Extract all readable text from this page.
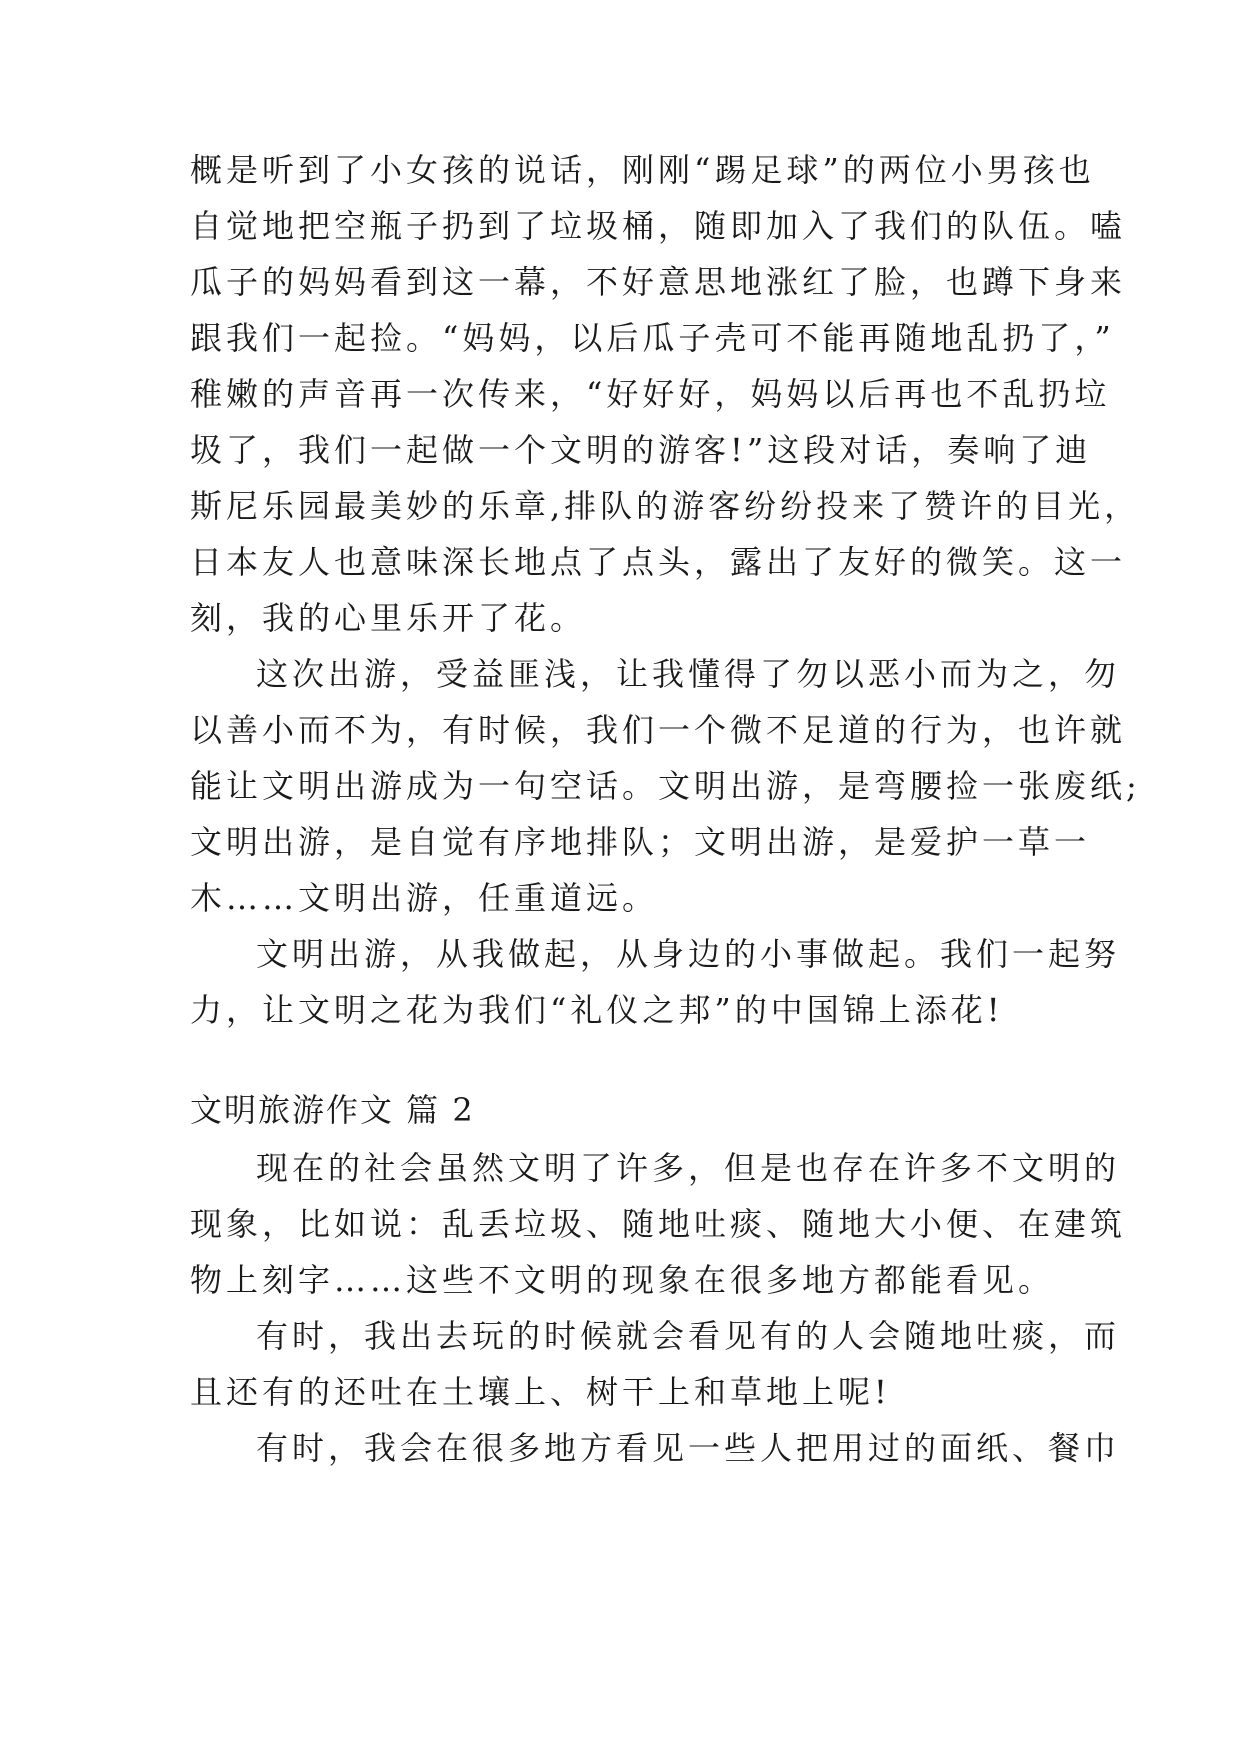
概是听到了小女孩的说话，刚刚“踢足球”的两位小男孩也
自觉地把空瓶子扔到了垃圾桶，随即加入了我们的队伍。嗑
瓜子的妈妈看到这一幕，不好意思地涨红了脸，也蹲下身来
跟我们一起捡。“妈妈，以后瓜子壳可不能再随地乱扔了，”
稚嫩的声音再一次传来，“好好好，妈妈以后再也不乱扔垃
圾了，我们一起做一个文明的游客!”这段对话，奏响了迪
斯尼乐园最美妙的乐章,排队的游客纷纷投来了赞许的目光，
日本友人也意味深长地点了点头，露出了友好的微笑。这一
刻，我的心里乐开了花。
这次出游，受益匪浅，让我懂得了勿以恶小而为之，勿
以善小而不为，有时候，我们一个微不足道的行为，也许就
能让文明出游成为一句空话。文明出游，是弯腰捡一张废纸;
文明出游，是自觉有序地排队；文明出游，是爱护一草一
木……文明出游，任重道远。
文明出游，从我做起，从身边的小事做起。我们一起努
力，让文明之花为我们“礼仪之邦”的中国锦上添花!
文明旅游作文 篇 2
现在的社会虽然文明了许多，但是也存在许多不文明的
现象，比如说：乱丢垃圾、随地吐痰、随地大小便、在建筑
物上刻字……这些不文明的现象在很多地方都能看见。
有时，我出去玩的时候就会看见有的人会随地吐痰，而
且还有的还吐在土壤上、树干上和草地上呢!
有时，我会在很多地方看见一些人把用过的面纸、餐巾
